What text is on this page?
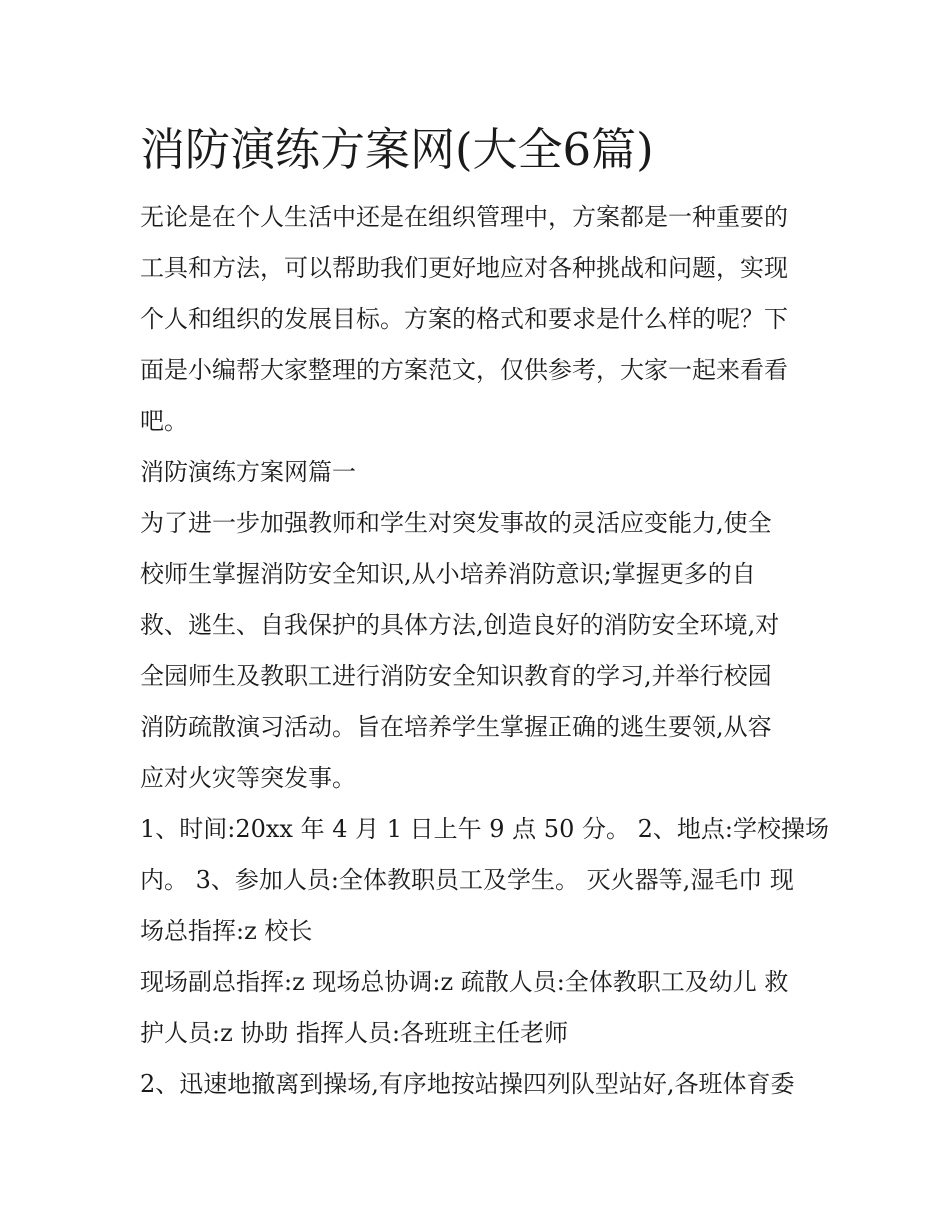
消防演练方案网(大全6篇)

无论是在个人生活中还是在组织管理中，方案都是一种重要的
工具和方法，可以帮助我们更好地应对各种挑战和问题，实现
个人和组织的发展目标。方案的格式和要求是什么样的呢？下
面是小编帮大家整理的方案范文，仅供参考，大家一起来看看
吧。

消防演练方案网篇一

为了进一步加强教师和学生对突发事故的灵活应变能力,使全
校师生掌握消防安全知识,从小培养消防意识;掌握更多的自
救、逃生、自我保护的具体方法,创造良好的消防安全环境,对
全园师生及教职工进行消防安全知识教育的学习,并举行校园
消防疏散演习活动。旨在培养学生掌握正确的逃生要领,从容
应对火灾等突发事。

1、时间:20xx 年 4 月 1 日上午 9 点 50 分。 2、地点:学校操场
内。 3、参加人员:全体教职员工及学生。 灭火器等,湿毛巾 现
场总指挥:z 校长

现场副总指挥:z 现场总协调:z 疏散人员:全体教职工及幼儿 救
护人员:z 协助 指挥人员:各班班主任老师

2、迅速地撤离到操场,有序地按站操四列队型站好,各班体育委
